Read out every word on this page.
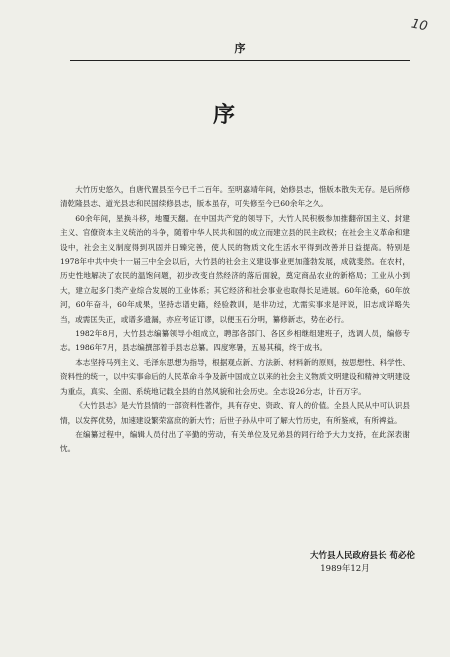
10
序
序

大竹历史悠久，自唐代置县至今已千二百年。至明嘉靖年间，始修县志，惜版本散失无存。是后所修清乾隆县志、道光县志和民国续修县志，版本虽存，可失修至今已60余年之久。

60余年间，星换斗移，地覆天翻。在中国共产党的领导下，大竹人民积极参加推翻帝国主义、封建主义、官僚资本主义统治的斗争，随着中华人民共和国的成立而建立县的民主政权；在社会主义革命和建设中，社会主义制度得到巩固并日臻完善，使人民的物质文化生活水平得到改善并日益提高。特别是1978年中共中央十一届三中全会以后，大竹县的社会主义建设事业更加蓬勃发展，成就斐然。在农村，历史性地解决了农民的温饱问题，初步改变自然经济的落后面貌，奠定商品农业的新格局；工业从小到大，建立起多门类产业综合发展的工业体系；其它经济和社会事业也取得长足进展。60年沧桑，60年放河，60年奋斗，60年成果，坚持志谱史籍，经验教训，是非功过，尤需实事求是评说，旧志成详略失当，或需匡失正，或谱多遗漏，亦应考证订谬，以便玉石分明，纂修新志，势在必行。

1982年8月，大竹县志编纂领导小组成立，聘部各部门、各区乡相继组建班子，选调人员，编修专志。1986年7月，县志编撰部着手县志总纂。四度寒暑，五易其稿，终于成书。

本志坚持马列主义、毛泽东思想为指导，根据观点新、方法新、材料新的原则，按思想性、科学性、资料性的统一，以中实事命后的人民革命斗争及新中国成立以来的社会主义物质文明建设和精神文明建设为重点，真实、全面、系统地记载全县的自然风貌和社会历史。全志设26分志，计百万字。

《大竹县志》是大竹县情的一部资料性著作，具有存史、资政、育人的价值。全县人民从中可认识县情，以发挥优势，加速建设繁荣富庶的新大竹；后世子孙从中可了解大竹历史，有所鉴戒，有所裨益。

在编纂过程中，编辑人员付出了辛勤的劳动，有关单位及兄弟县的同行给予大力支持，在此深表谢忱。

大竹县人民政府县长 荀必伦
1989年12月
